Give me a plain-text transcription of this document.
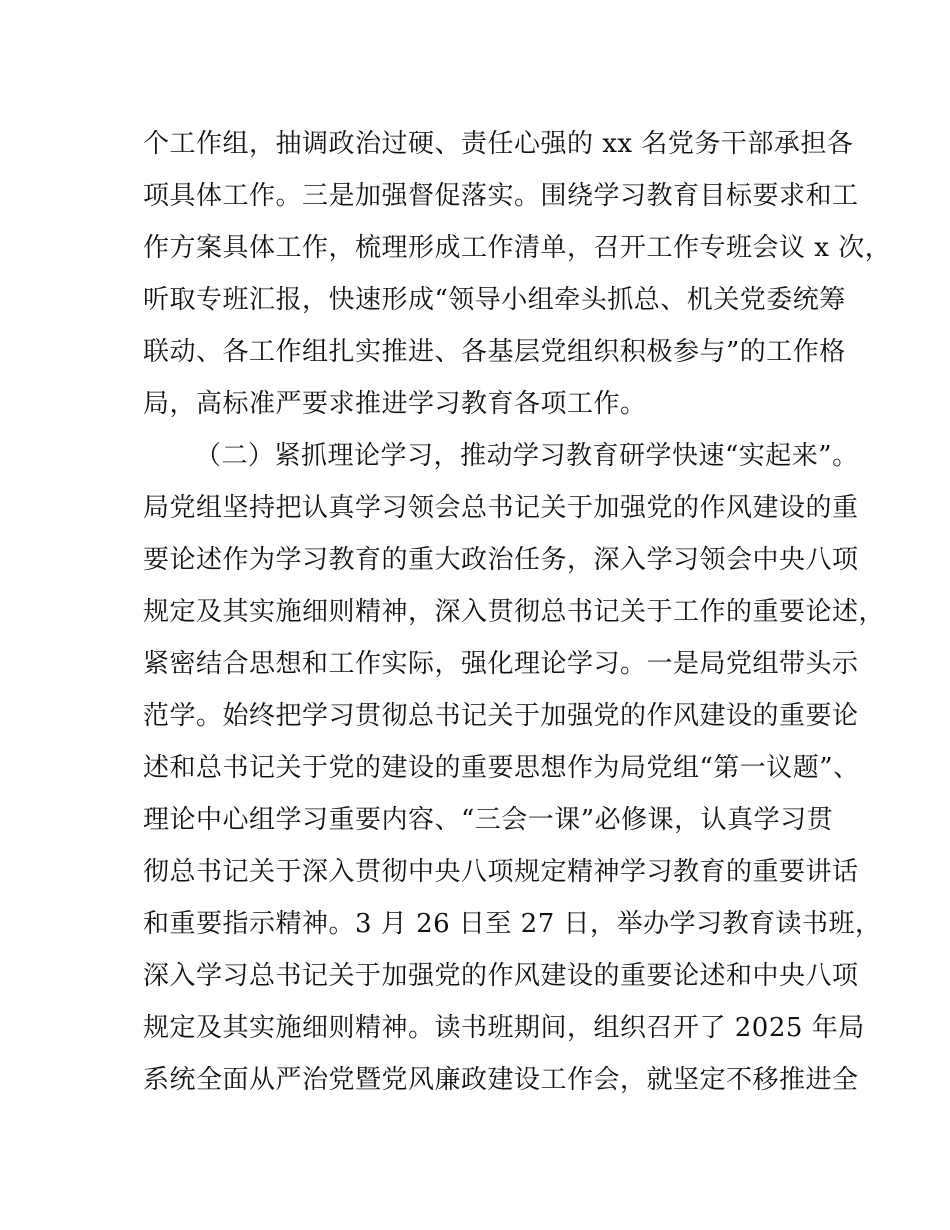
个工作组，抽调政治过硬、责任心强的 xx 名党务干部承担各
项具体工作。三是加强督促落实。围绕学习教育目标要求和工
作方案具体工作，梳理形成工作清单，召开工作专班会议 x 次，
听取专班汇报，快速形成“领导小组牵头抓总、机关党委统筹
联动、各工作组扎实推进、各基层党组织积极参与”的工作格
局，高标准严要求推进学习教育各项工作。
（二）紧抓理论学习，推动学习教育研学快速“实起来”。
局党组坚持把认真学习领会总书记关于加强党的作风建设的重
要论述作为学习教育的重大政治任务，深入学习领会中央八项
规定及其实施细则精神，深入贯彻总书记关于工作的重要论述，
紧密结合思想和工作实际，强化理论学习。一是局党组带头示
范学。始终把学习贯彻总书记关于加强党的作风建设的重要论
述和总书记关于党的建设的重要思想作为局党组“第一议题”、
理论中心组学习重要内容、“三会一课”必修课，认真学习贯
彻总书记关于深入贯彻中央八项规定精神学习教育的重要讲话
和重要指示精神。3 月 26 日至 27 日，举办学习教育读书班，
深入学习总书记关于加强党的作风建设的重要论述和中央八项
规定及其实施细则精神。读书班期间，组织召开了 2025 年局
系统全面从严治党暨党风廉政建设工作会，就坚定不移推进全
